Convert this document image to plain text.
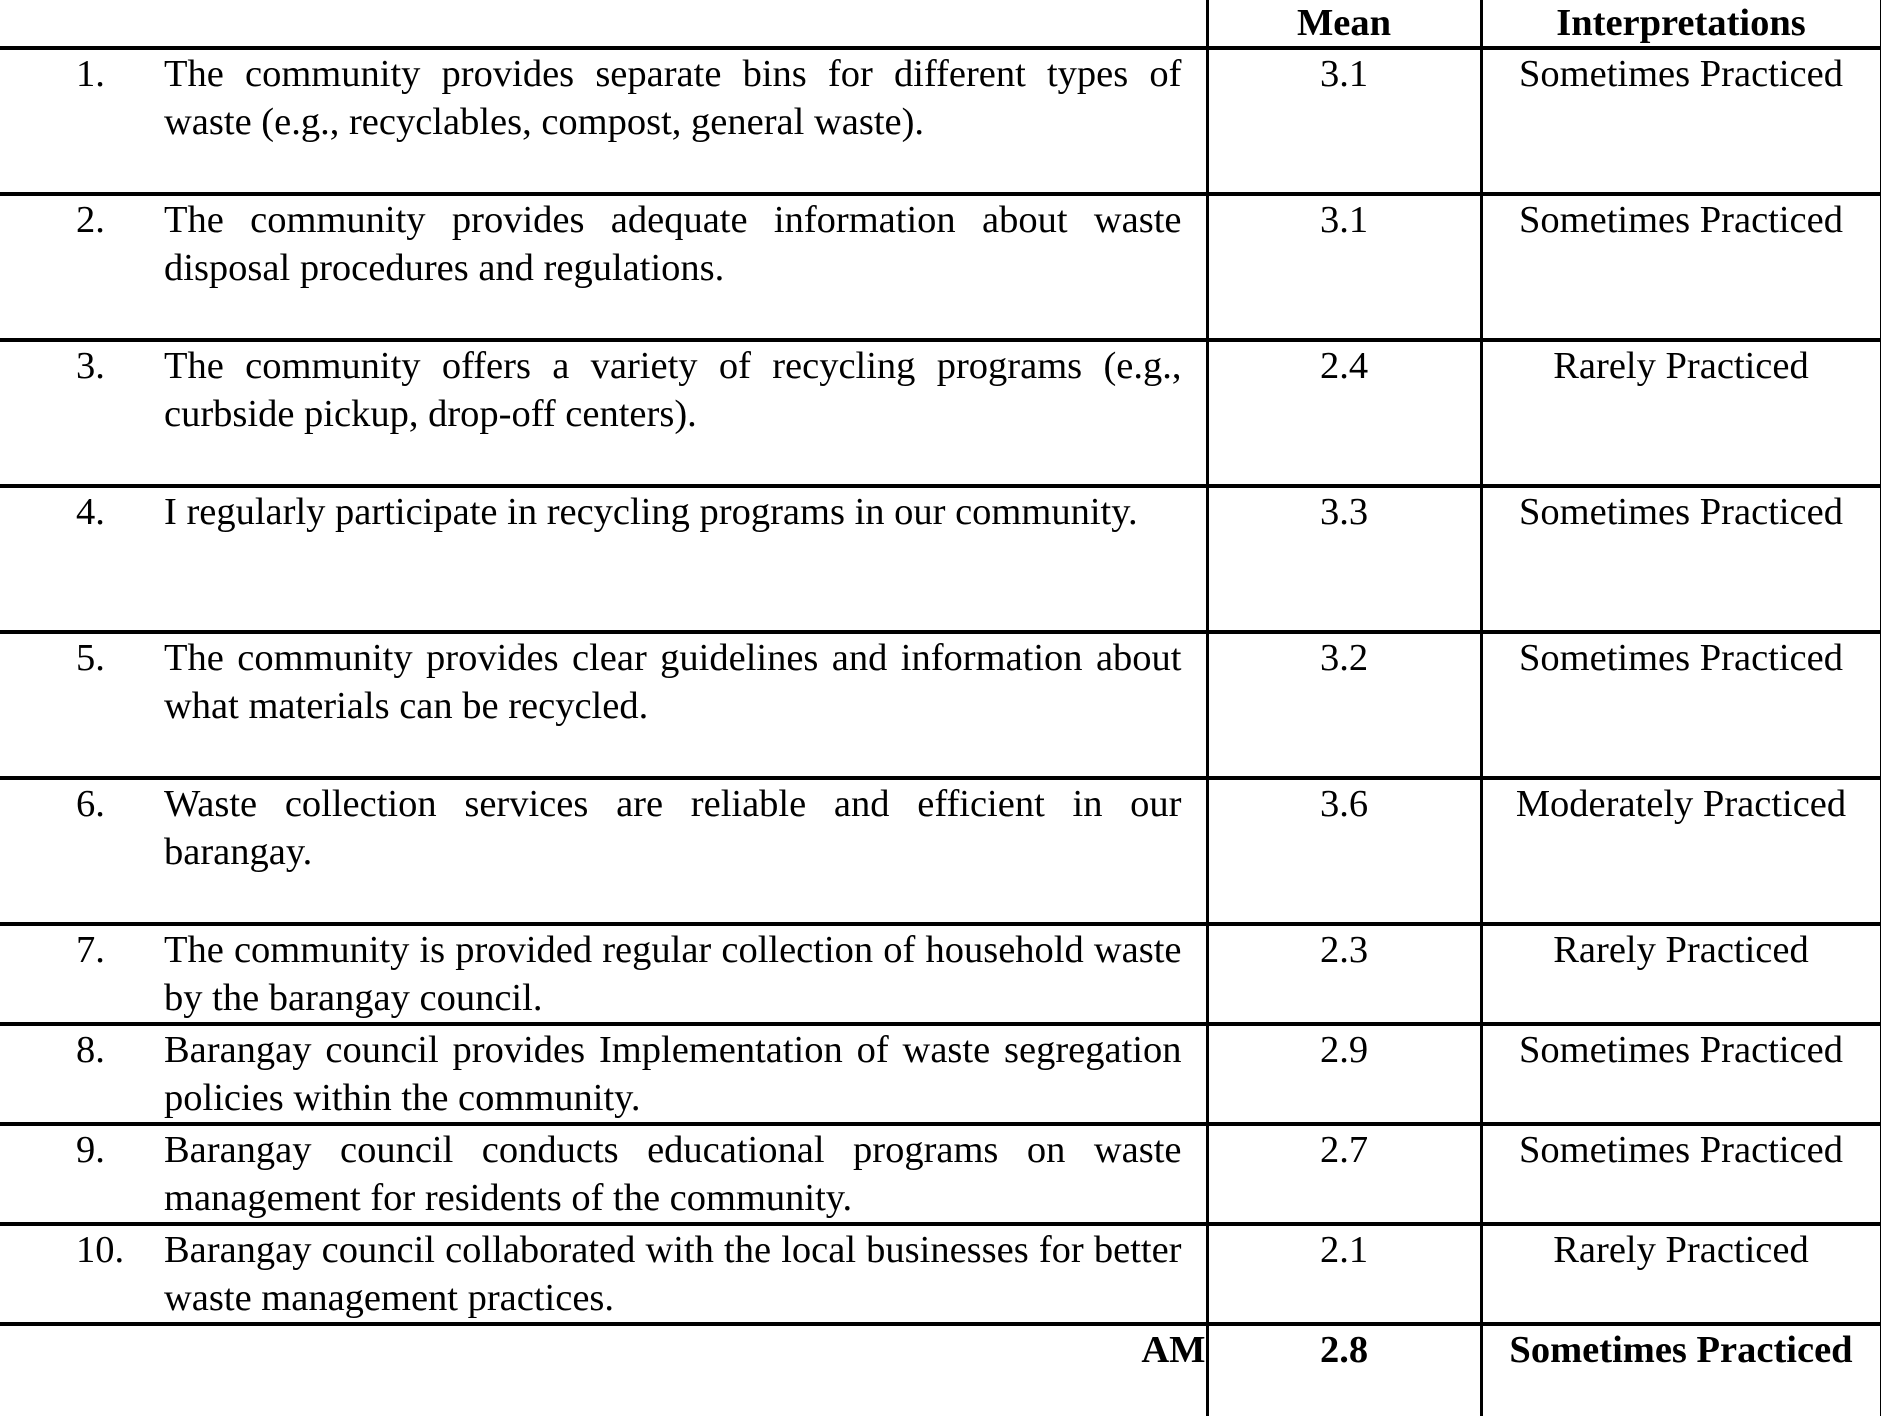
	Mean	Interpretations

1. The community provides separate bins for different types of waste (e.g., recyclables, compost, general waste).	3.1	Sometimes Practiced

2. The community provides adequate information about waste disposal procedures and regulations.	3.1	Sometimes Practiced

3. The community offers a variety of recycling programs (e.g., curbside pickup, drop-off centers).	2.4	Rarely Practiced

4. I regularly participate in recycling programs in our community.	3.3	Sometimes Practiced

5. The community provides clear guidelines and information about what materials can be recycled.	3.2	Sometimes Practiced

6. Waste collection services are reliable and efficient in our barangay.	3.6	Moderately Practiced

7. The community is provided regular collection of household waste by the barangay council.	2.3	Rarely Practiced

8. Barangay council provides Implementation of waste segregation policies within the community.	2.9	Sometimes Practiced

9. Barangay council conducts educational programs on waste management for residents of the community.	2.7	Sometimes Practiced

10. Barangay council collaborated with the local businesses for better waste management practices.	2.1	Rarely Practiced
AM	2.8	Sometimes Practiced
